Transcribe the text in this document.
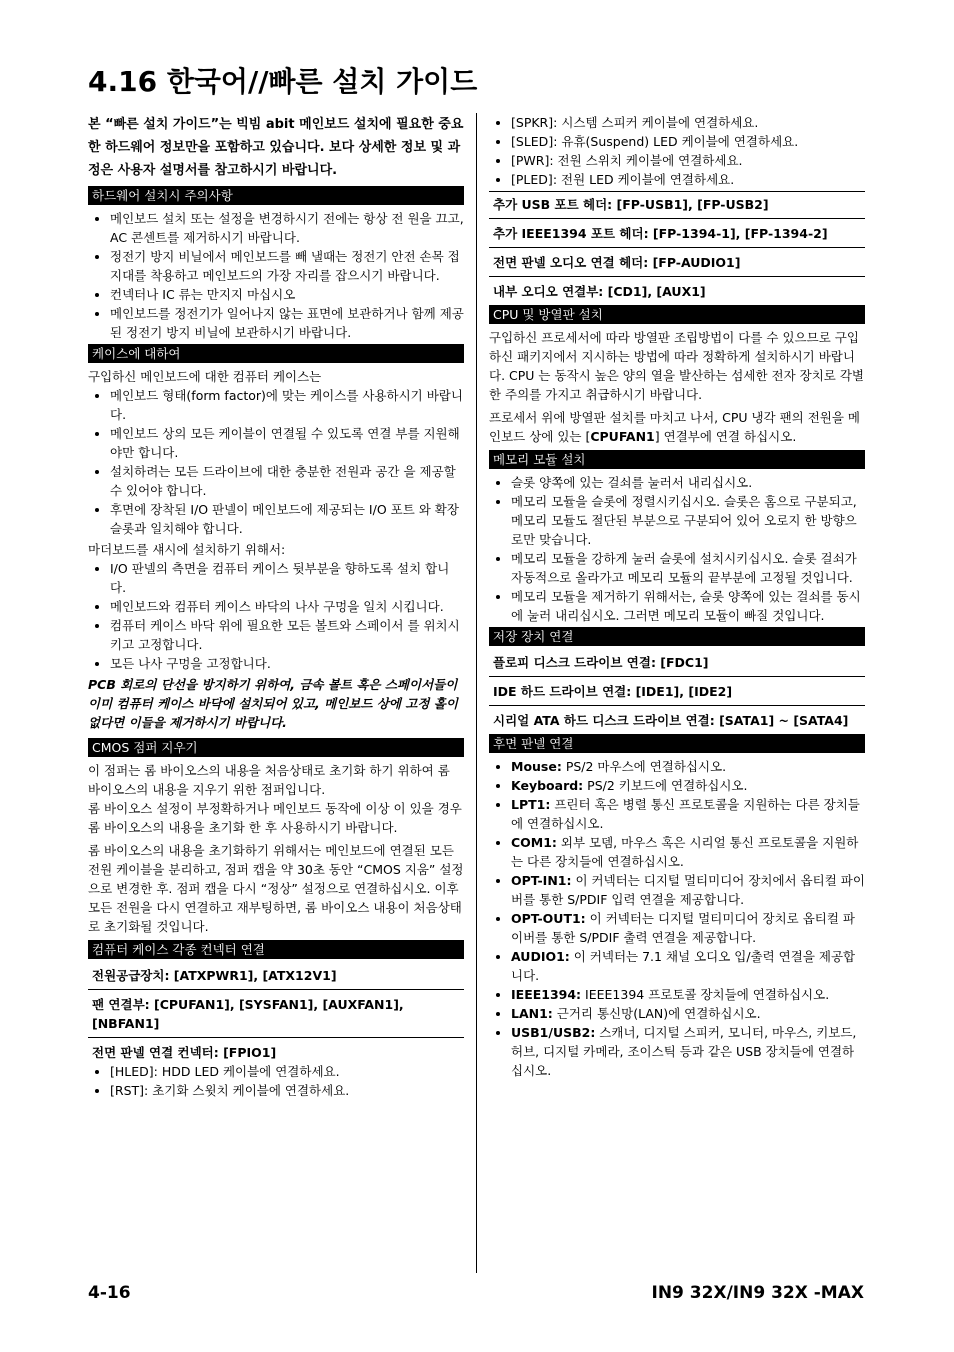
4.16 한국어//빠른 설치 가이드

본 “빠른 설치 가이드”는 빅빔 abit 메인보드 설치에 필요한 중요한 하드웨어 정보만을 포함하고 있습니다. 보다 상세한 정보 및 과정은 사용자 설명서를 참고하시기 바랍니다.

하드웨어 설치시 주의사항
• 메인보드 설치 또는 설정을 변경하시기 전에는 항상 전 원을 끄고, AC 콘센트를 제거하시기 바랍니다.
• 정전기 방지 비닐에서 메인보드를 빼 낼때는 정전기 안전 손목 접지대를 착용하고 메인보드의 가장 자리를 잡으시기 바랍니다.
• 컨넥터나 IC 류는 만지지 마십시오
• 메인보드를 정전기가 일어나지 않는 표면에 보관하거나 함께 제공된 정전기 방지 비닐에 보관하시기 바랍니다.
케이스에 대하여

구입하신 메인보드에 대한 컴퓨터 케이스는

• 메인보드 형태(form factor)에 맞는 케이스를 사용하시기 바랍니다.
• 메인보드 상의 모든 케이블이 연결될 수 있도록 연결 부를 지원해야만 합니다.
• 설치하려는 모든 드라이브에 대한 충분한 전원과 공간 을 제공할 수 있어야 합니다.
• 후면에 장착된 I/O 판넬이 메인보드에 제공되는 I/O 포트 와 확장 슬롯과 일치해야 합니다.

마더보드를 섀시에 설치하기 위해서:

• I/O 판넬의 측면을 컴퓨터 케이스 뒷부분을 향하도록 설치 합니다.
• 메인보드와 컴퓨터 케이스 바닥의 나사 구멍을 일치 시킵니다.
• 컴퓨터 케이스 바닥 위에 필요한 모든 볼트와 스페이서 를 위치시키고 고정합니다.
• 모든 나사 구멍을 고정합니다.

PCB 회로의 단선을 방지하기 위하여, 금속 볼트 혹은 스페이서들이 이미 컴퓨터 케이스 바닥에 설치되어 있고, 메인보드 상에 고정 홀이 없다면 이들을 제거하시기 바랍니다.

CMOS 점퍼 지우기

이 점퍼는 롬 바이오스의 내용을 처음상태로 초기화 하기 위하여 롬 바이오스의 내용을 지우기 위한 점퍼입니다.

롬 바이오스 설정이 부정확하거나 메인보드 동작에 이상 이 있을 경우 롬 바이오스의 내용을 초기화 한 후 사용하시기 바랍니다.

롬 바이오스의 내용을 초기화하기 위해서는 메인보드에 연결된 모든 전원 케이블을 분리하고, 점퍼 캡을 약 30초 동안 “CMOS 지움” 설정으로 변경한 후. 점퍼 캡을 다시 “정상” 설정으로 연결하십시오. 이후 모든 전원을 다시 연결하고 재부팅하면, 롬 바이오스 내용이 처음상태로 초기화될 것입니다.

컴퓨터 케이스 각종 컨넥터 연결
전원공급장치: [ATXPWR1], [ATX12V1]
팬 연결부: [CPUFAN1], [SYSFAN1], [AUXFAN1], [NBFAN1]
전면 판넬 연결 컨넥터: [FPIO1]
• [HLED]: HDD LED 케이블에 연결하세요.
• [RST]: 초기화 스윗치 케이블에 연결하세요.
• [SPKR]: 시스템 스피커 케이블에 연결하세요.
• [SLED]: 유휴(Suspend) LED 케이블에 연결하세요.
• [PWR]: 전원 스위치 케이블에 연결하세요.
• [PLED]: 전원 LED 케이블에 연결하세요.
추가 USB 포트 헤더: [FP-USB1], [FP-USB2]
추가 IEEE1394 포트 헤더: [FP-1394-1], [FP-1394-2]
전면 판넬 오디오 연결 헤더: [FP-AUDIO1]
내부 오디오 연결부: [CD1], [AUX1]
CPU 및 방열판 설치

구입하신 프로세서에 따라 방열판 조립방법이 다를 수 있으므로 구입하신 패키지에서 지시하는 방법에 따라 정확하게 설치하시기 바랍니다. CPU 는 동작시 높은 양의 열을 발산하는 섬세한 전자 장치로 각별한 주의를 가지고 취급하시기 바랍니다.

프로세서 위에 방열판 설치를 마치고 나서, CPU 냉각 팬의 전원을 메인보드 상에 있는 [CPUFAN1] 연결부에 연결 하십시오.

메모리 모듈 설치
• 슬롯 양쪽에 있는 걸쇠를 눌러서 내리십시오.
• 메모리 모듈을 슬롯에 정렬시키십시오. 슬롯은 홈으로 구분되고, 메모리 모듈도 절단된 부분으로 구분되어 있어 오로지 한 방향으로만 맞습니다.
• 메모리 모듈을 강하게 눌러 슬롯에 설치시키십시오. 슬롯 걸쇠가 자동적으로 올라가고 메모리 모듈의 끝부분에 고정될 것입니다.
• 메모리 모듈을 제거하기 위해서는, 슬롯 양쪽에 있는 걸쇠를 동시에 눌러 내리십시오. 그러면 메모리 모듈이 빠질 것입니다.
저장 장치 연결
플로피 디스크 드라이브 연결: [FDC1]
IDE 하드 드라이브 연결: [IDE1], [IDE2]
시리얼 ATA 하드 디스크 드라이브 연결: [SATA1] ~ [SATA4]
후면 판넬 연결
• Mouse: PS/2 마우스에 연결하십시오.
• Keyboard: PS/2 키보드에 연결하십시오.
• LPT1: 프린터 혹은 병렬 통신 프로토콜을 지원하는 다른 장치들에 연결하십시오.
• COM1: 외부 모뎀, 마우스 혹은 시리얼 통신 프로토콜을 지원하는 다른 장치들에 연결하십시오.
• OPT-IN1: 이 커넥터는 디지털 멀티미디어 장치에서 옵티컬 파이버를 통한 S/PDIF 입력 연결을 제공합니다.
• OPT-OUT1: 이 커넥터는 디지털 멀티미디어 장치로 옵티컬 파이버를 통한 S/PDIF 출력 연결을 제공합니다.
• AUDIO1: 이 커넥터는 7.1 채널 오디오 입/출력 연결을 제공합니다.
• IEEE1394: IEEE1394 프로토콜 장치들에 연결하십시오.
• LAN1: 근거리 통신망(LAN)에 연결하십시오.
• USB1/USB2: 스캐너, 디지털 스피커, 모니터, 마우스, 키보드, 허브, 디지털 카메라, 조이스틱 등과 같은 USB 장치들에 연결하십시오.
4-16	IN9 32X/IN9 32X -MAX
